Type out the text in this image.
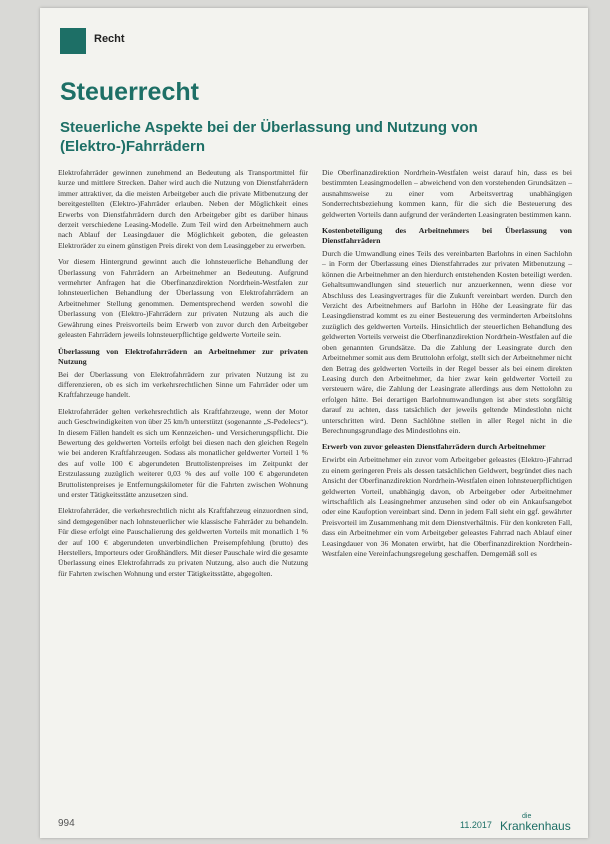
Recht
Steuerrecht
Steuerliche Aspekte bei der Überlassung und Nutzung von (Elektro-)Fahrrädern

Elektrofahrräder gewinnen zunehmend an Bedeutung als Transportmittel für kurze und mittlere Strecken. Daher wird auch die Nutzung von Dienstfahrrädern immer attraktiver, da die meisten Arbeitgeber auch die private Mitbenutzung der bereitgestellten (Elektro-)Fahrräder erlauben. Neben der Möglichkeit eines Erwerbs von Dienstfahrrädern durch den Arbeitgeber gibt es darüber hinaus derzeit verschiedene Leasing-Modelle. Zum Teil wird den Arbeitnehmern auch nach Ablauf der Leasingdauer die Möglichkeit geboten, die geleasten Elektroräder zu einem günstigen Preis direkt von dem Leasinggeber zu erwerben.

Vor diesem Hintergrund gewinnt auch die lohnsteuerliche Behandlung der Überlassung von Fahrrädern an Arbeitnehmer an Bedeutung. Aufgrund vermehrter Anfragen hat die Oberfinanzdirektion Nordrhein-Westfalen zur lohnsteuerlichen Behandlung der Überlassung von Elektrofahrrädern an Arbeitnehmer Stellung genommen. Dementsprechend werden sowohl die Überlassung von (Elektro-)Fahrrädern zur privaten Nutzung als auch die Gewährung eines Preisvorteils beim Erwerb von zuvor durch den Arbeitgeber geleasten Fahrrädern jeweils lohnsteuerpflichtige geldwerte Vorteile sein.

Überlassung von Elektrofahrrädern an Arbeitnehmer zur privaten Nutzung

Bei der Überlassung von Elektrofahrrädern zur privaten Nutzung ist zu differenzieren, ob es sich im verkehrsrechtlichen Sinne um Fahrräder oder um Kraftfahrzeuge handelt.

Elektrofahrräder gelten verkehrsrechtlich als Kraftfahrzeuge, wenn der Motor auch Geschwindigkeiten von über 25 km/h unterstützt (sogenannte „S-Pedelecs“). In diesem Fällen handelt es sich um Kennzeichen- und Versicherungspflicht. Die Bewertung des geldwerten Vorteils erfolgt bei diesen nach den gleichen Regeln wie bei anderen Kraftfahrzeugen. Sodass als monatlicher geldwerter Vorteil 1 % des auf volle 100 € abgerundeten Bruttolistenpreises im Zeitpunkt der Erstzulassung zuzüglich weiterer 0,03 % des auf volle 100 € abgerundeten Bruttolistenpreises je Entfernungskilometer für die Fahrten zwischen Wohnung und erster Tätigkeitsstätte anzusetzen sind.

Elektrofahrräder, die verkehrsrechtlich nicht als Kraftfahrzeug einzuordnen sind, sind demgegenüber nach lohnsteuerlicher wie klassische Fahrräder zu behandeln. Für diese erfolgt eine Pauschalierung des geldwerten Vorteils mit monatlich 1 % der auf 100 € abgerundeten unverbindlichen Preisempfehlung (brutto) des Herstellers, Importeurs oder Großhändlers. Mit dieser Pauschale wird die gesamte Überlassung eines Elektrofahrrads zu privaten Nutzung, also auch die Nutzung für Fahrten zwischen Wohnung und erster Tätigkeitsstätte, abgegolten.

Die Oberfinanzdirektion Nordrhein-Westfalen weist darauf hin, dass es bei bestimmten Leasingmodellen – abweichend von den vorstehenden Grundsätzen – ausnahmsweise zu einer vom Arbeitsvertrag unabhängigen Sonderrechtsbeziehung kommen kann, für die sich die Besteuerung des geldwerten Vorteils dann aufgrund der veränderten Leasingraten bestimmen kann.

Kostenbeteiligung des Arbeitnehmers bei Überlassung von Dienstfahrrädern

Durch die Umwandlung eines Teils des vereinbarten Barlohns in einen Sachlohn – in Form der Überlassung eines Dienstfahrrades zur privaten Mitbenutzung – können die Arbeitnehmer an den hierdurch entstehenden Kosten beteiligt werden. Gehaltsumwandlungen sind steuerlich nur anzuerkennen, wenn diese vor Abschluss des Leasingvertrages für die Zukunft vereinbart werden. Durch den Verzicht des Arbeitnehmers auf Barlohn in Höhe der Leasingrate für das Leasingdienstrad kommt es zu einer Besteuerung des verminderten Arbeitslohns zuzüglich des geldwerten Vorteils. Hinsichtlich der steuerlichen Behandlung des geldwerten Vorteils verweist die Oberfinanzdirektion Nordrhein-Westfalen auf die oben genannten Grundsätze. Da die Zahlung der Leasingrate durch den Arbeitnehmer somit aus dem Bruttolohn erfolgt, stellt sich der Arbeitnehmer nicht den Betrag des geldwerten Vorteils in der Regel besser als bei einem direkten Leasing durch den Arbeitnehmer, da hier zwar kein geldwerter Vorteil zu versteuern wäre, die Zahlung der Leasingrate allerdings aus dem Nettolohn zu erfolgen hätte. Bei derartigen Barlohnumwandlungen ist aber stets sorgfältig darauf zu achten, dass tatsächlich der jeweils geltende Mindestlohn nicht unterschritten wird. Denn Sachlöhne stellen in aller Regel nicht in die Berechnungsgrundlage des Mindestlohns ein.

Erwerb von zuvor geleasten Dienstfahrrädern durch Arbeitnehmer

Erwirbt ein Arbeitnehmer ein zuvor vom Arbeitgeber geleastes (Elektro-)Fahrrad zu einem geringeren Preis als dessen tatsächlichen Geldwert, begründet dies nach Ansicht der Oberfinanzdirektion Nordrhein-Westfalen einen lohnsteuerpflichtigen geldwerten Vorteil, unabhängig davon, ob Arbeitgeber oder Arbeitnehmer wirtschaftlich als Leasingnehmer anzusehen sind oder ob ein Ankaufsangebot oder eine Kaufoption vereinbart sind. Denn in jedem Fall sieht ein ggf. gewährter Preisvorteil im Zusammenhang mit dem Dienstverhältnis. Für den konkreten Fall, dass ein Arbeitnehmer ein vom Arbeitgeber geleastes Fahrrad nach Ablauf einer Leasingdauer von 36 Monaten erwirbt, hat die Oberfinanzdirektion Nordrhein-Westfalen eine Vereinfachungsregelung geschaffen. Demgemäß soll es

994	11.2017
die
Krankenhaus
